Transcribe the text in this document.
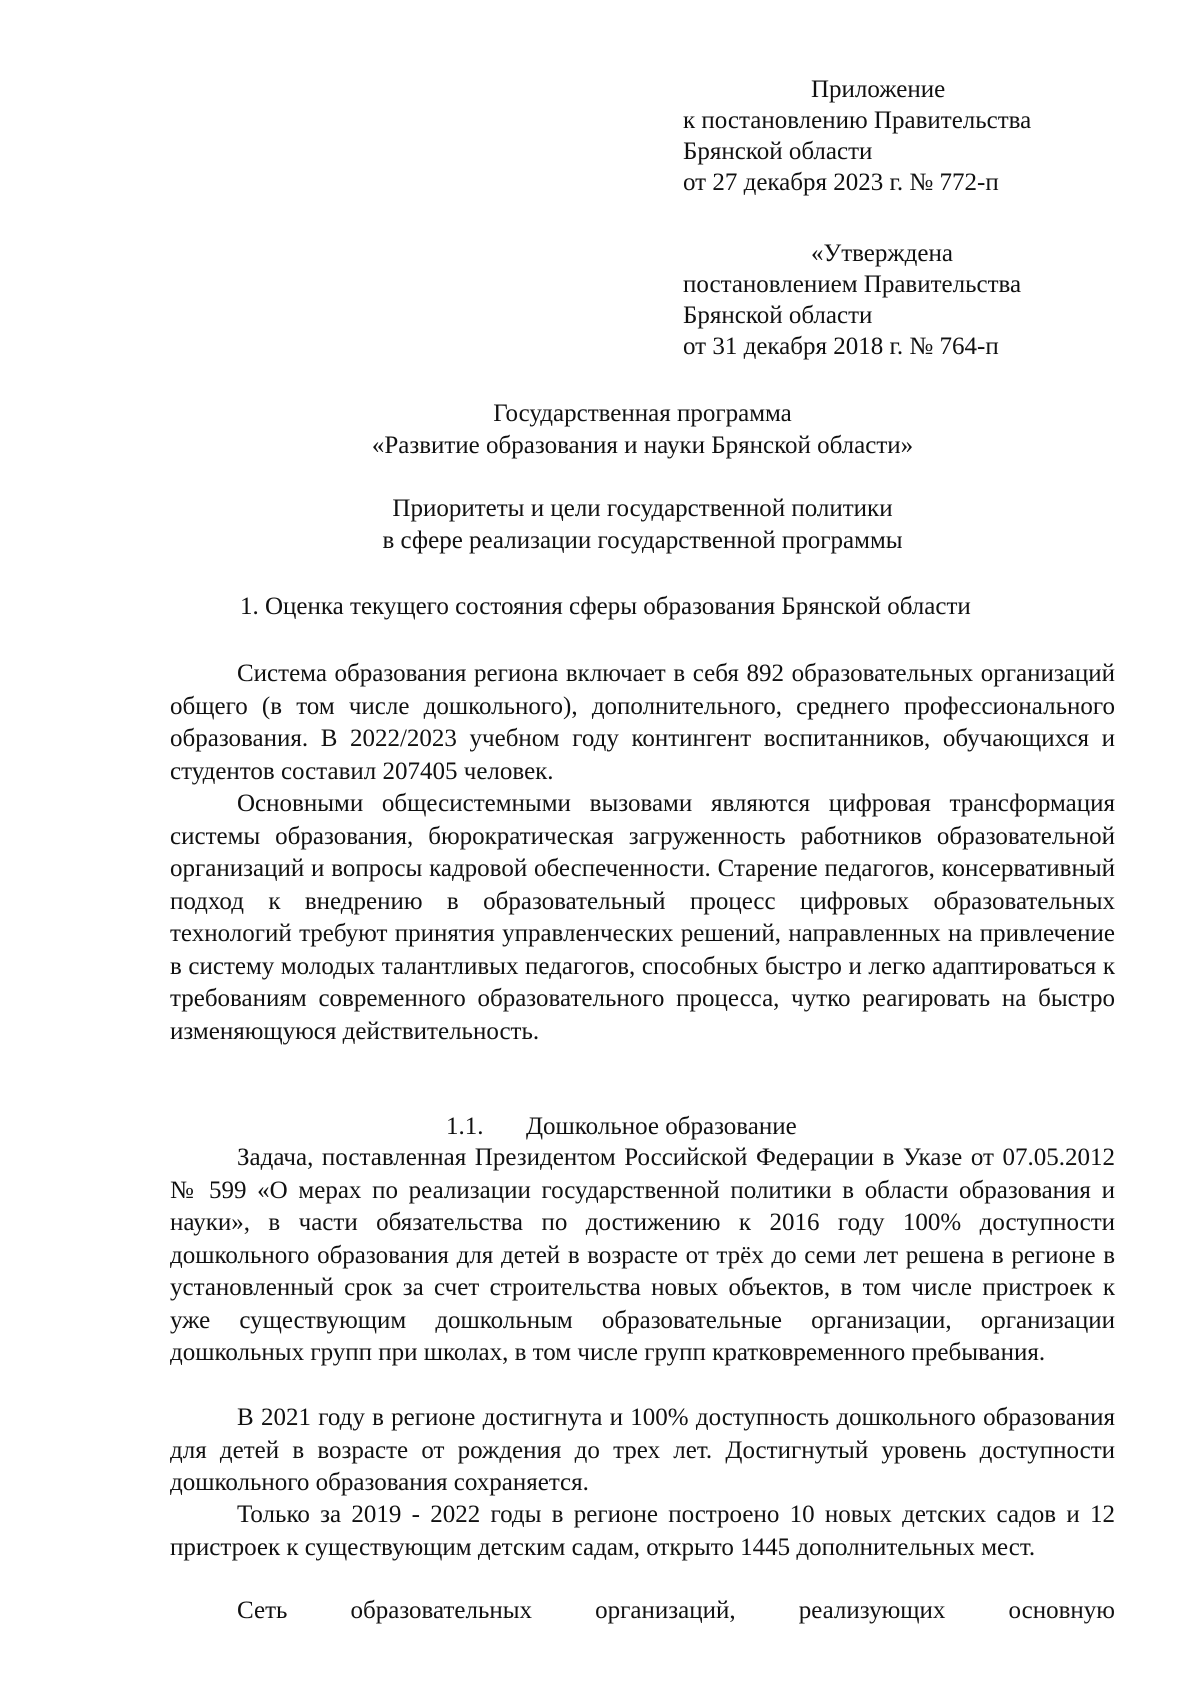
Приложение
к постановлению Правительства
Брянской области
от 27 декабря 2023 г. № 772-п
«Утверждена
постановлением Правительства
Брянской области
от 31 декабря 2018 г. № 764-п
Государственная программа
«Развитие образования и науки Брянской области»
Приоритеты и цели государственной политики
в сфере реализации государственной программы
1. Оценка текущего состояния сферы образования Брянской области

Система образования региона включает в себя 892 образовательных организаций общего (в том числе дошкольного), дополнительного, среднего профессионального образования. В 2022/2023 учебном году контингент воспитанников, обучающихся и студентов составил 207405 человек.

Основными общесистемными вызовами являются цифровая трансформация системы образования, бюрократическая загруженность работников образовательной организаций и вопросы кадровой обеспеченности. Старение педагогов, консервативный подход к внедрению в образовательный процесс цифровых образовательных технологий требуют принятия управленческих решений, направленных на привлечение в систему молодых талантливых педагогов, способных быстро и легко адаптироваться к требованиям современного образовательного процесса, чутко реагировать на быстро изменяющуюся действительность.

1.1. Дошкольное образование

Задача, поставленная Президентом Российской Федерации в Указе от 07.05.2012 № 599 «О мерах по реализации государственной политики в области образования и науки», в части обязательства по достижению к 2016 году 100% доступности дошкольного образования для детей в возрасте от трёх до семи лет решена в регионе в установленный срок за счет строительства новых объектов, в том числе пристроек к уже существующим дошкольным образовательные организации, организации дошкольных групп при школах, в том числе групп кратковременного пребывания.

В 2021 году в регионе достигнута и 100% доступность дошкольного образования для детей в возрасте от рождения до трех лет. Достигнутый уровень доступности дошкольного образования сохраняется.

Только за 2019 - 2022 годы в регионе построено 10 новых детских садов и 12 пристроек к существующим детским садам, открыто 1445 дополнительных мест.

Сеть образовательных организаций, реализующих основную
